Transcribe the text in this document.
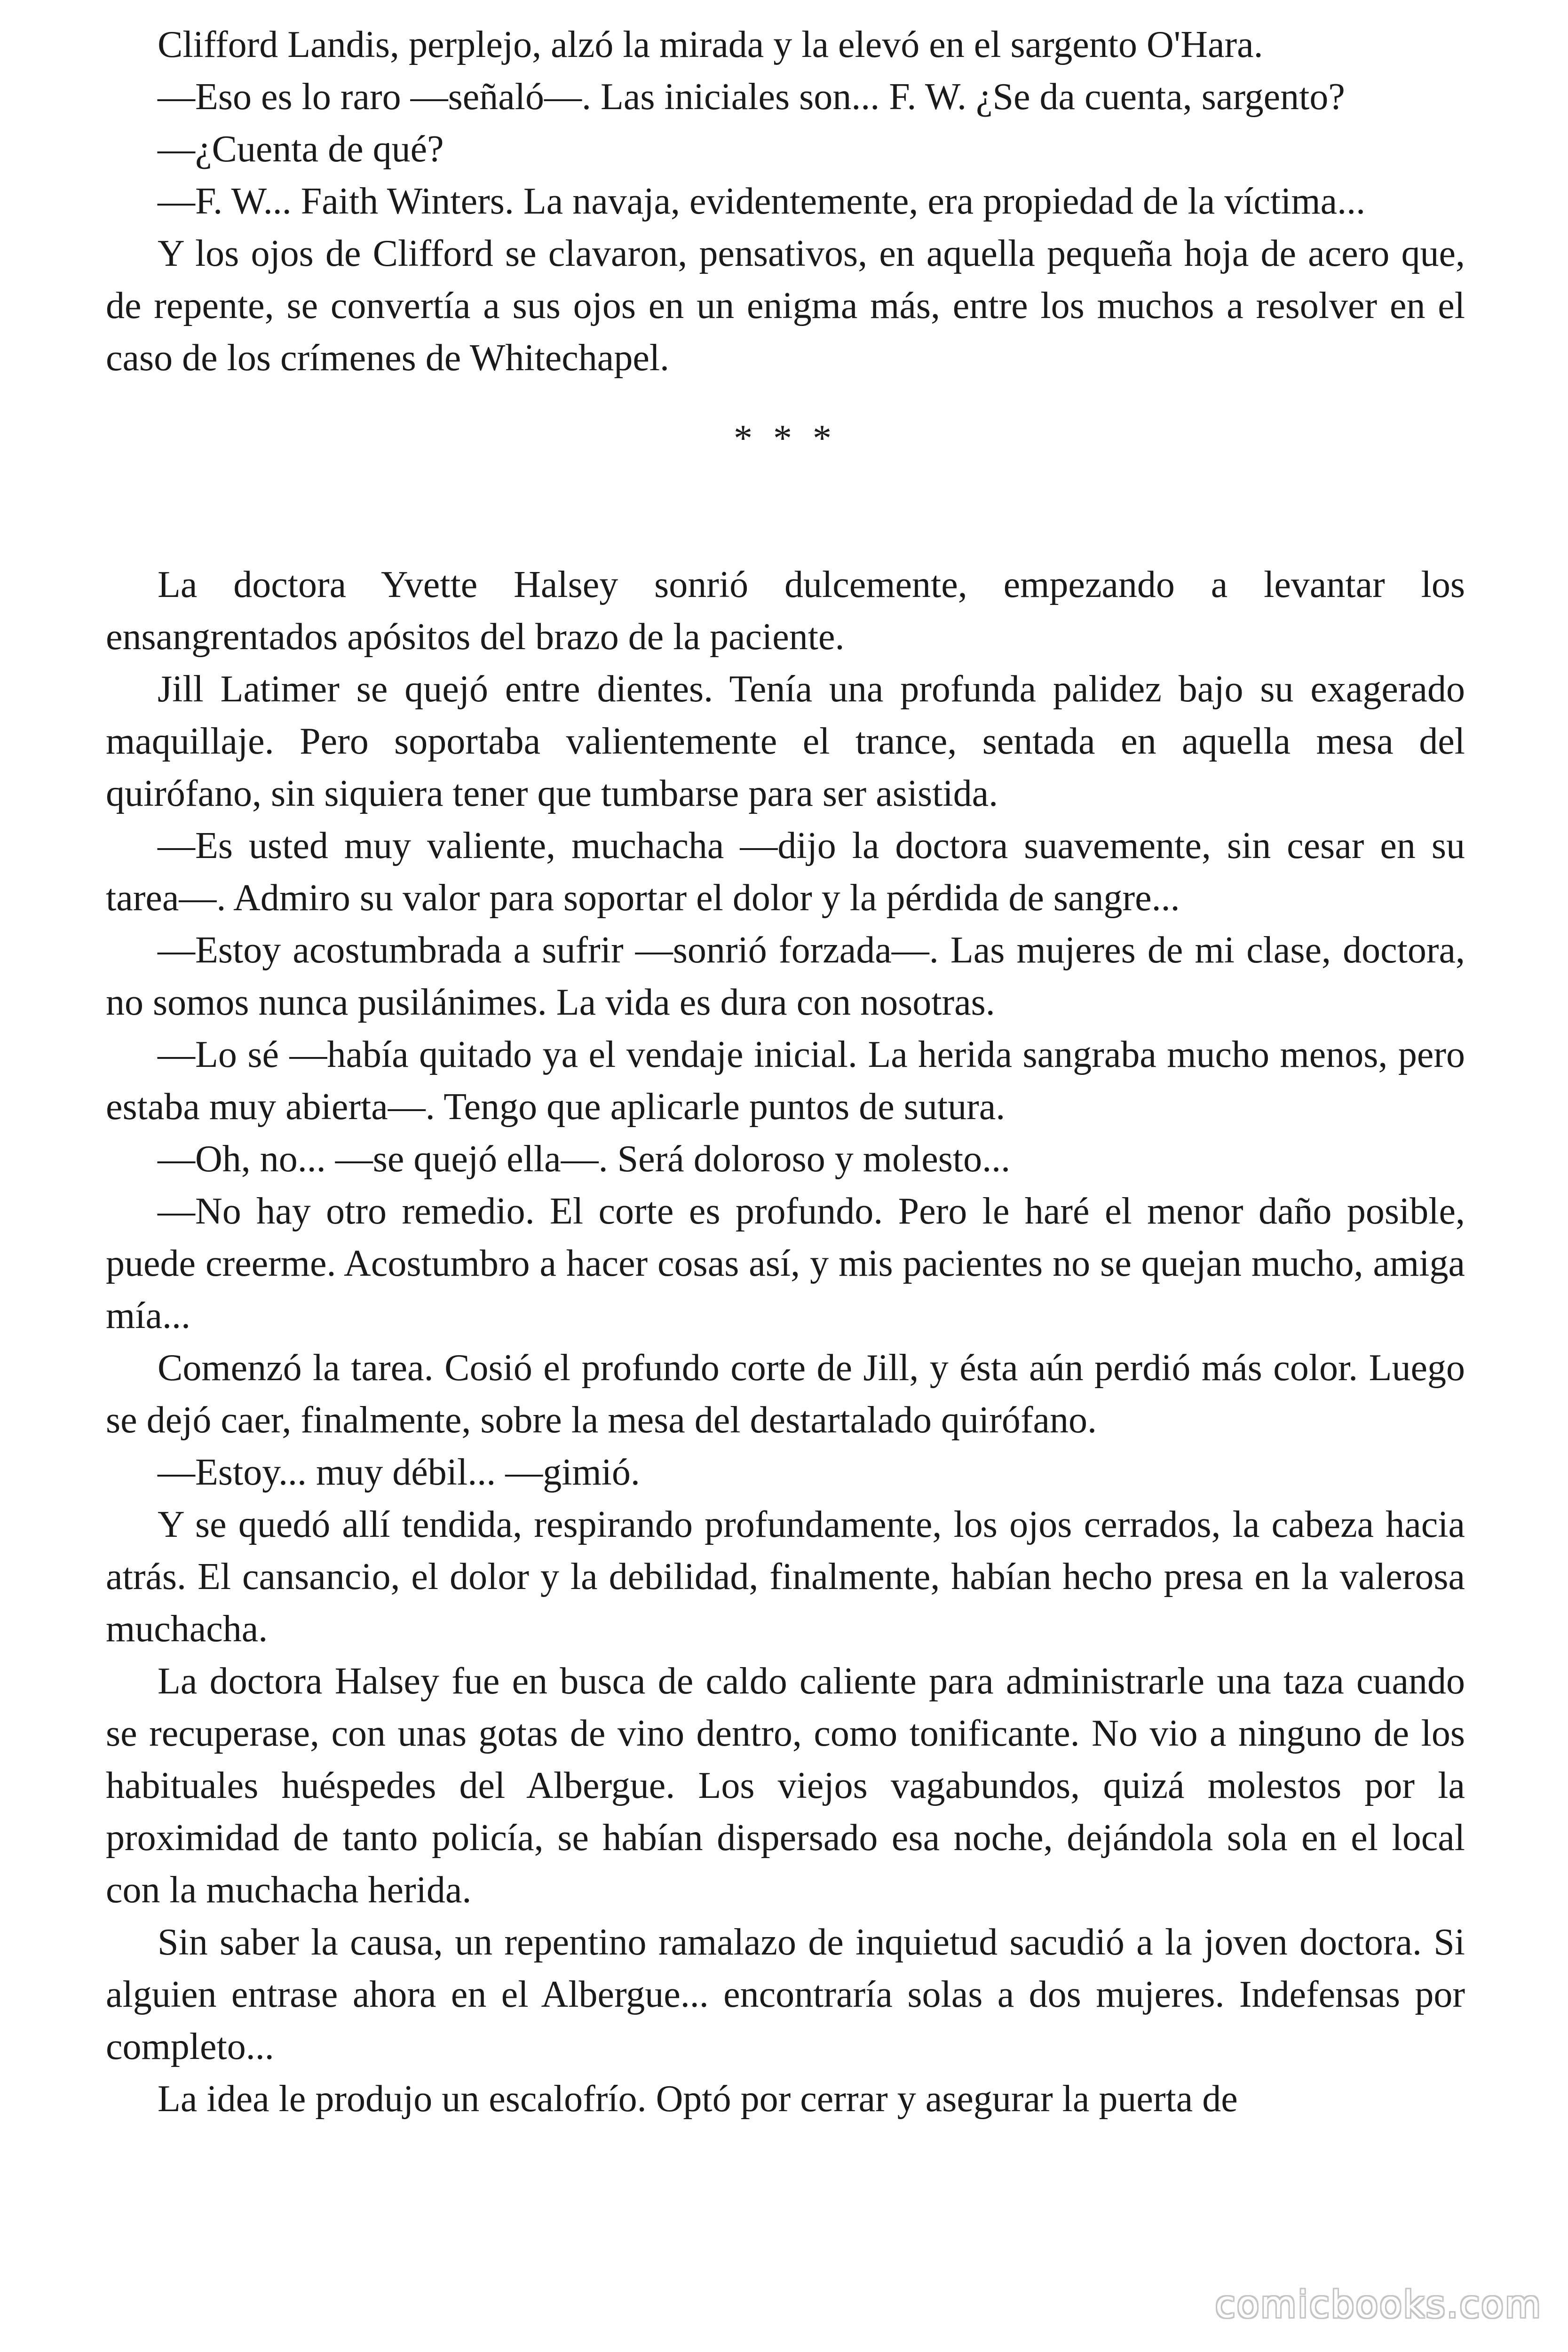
Clifford Landis, perplejo, alzó la mirada y la elevó en el sargento O'Hara.

—Eso es lo raro —señaló—. Las iniciales son... F. W. ¿Se da cuenta, sargento?

—¿Cuenta de qué?

—F. W... Faith Winters. La navaja, evidentemente, era propiedad de la víctima...

Y los ojos de Clifford se clavaron, pensativos, en aquella pequeña hoja de acero que, de repente, se convertía a sus ojos en un enigma más, entre los muchos a resolver en el caso de los crímenes de Whitechapel.

* * *

La doctora Yvette Halsey sonrió dulcemente, empezando a levantar los ensangrentados apósitos del brazo de la paciente.

Jill Latimer se quejó entre dientes. Tenía una profunda palidez bajo su exagerado maquillaje. Pero soportaba valientemente el trance, sentada en aquella mesa del quirófano, sin siquiera tener que tumbarse para ser asistida.

—Es usted muy valiente, muchacha —dijo la doctora suavemente, sin cesar en su tarea—. Admiro su valor para soportar el dolor y la pérdida de sangre...

—Estoy acostumbrada a sufrir —sonrió forzada—. Las mujeres de mi clase, doctora, no somos nunca pusilánimes. La vida es dura con nosotras.

—Lo sé —había quitado ya el vendaje inicial. La herida sangraba mucho menos, pero estaba muy abierta—. Tengo que aplicarle puntos de sutura.

—Oh, no... —se quejó ella—. Será doloroso y molesto...

—No hay otro remedio. El corte es profundo. Pero le haré el menor daño posible, puede creerme. Acostumbro a hacer cosas así, y mis pacientes no se quejan mucho, amiga mía...

Comenzó la tarea. Cosió el profundo corte de Jill, y ésta aún perdió más color. Luego se dejó caer, finalmente, sobre la mesa del destartalado quirófano.

—Estoy... muy débil... —gimió.

Y se quedó allí tendida, respirando profundamente, los ojos cerrados, la cabeza hacia atrás. El cansancio, el dolor y la debilidad, finalmente, habían hecho presa en la valerosa muchacha.

La doctora Halsey fue en busca de caldo caliente para administrarle una taza cuando se recuperase, con unas gotas de vino dentro, como tonificante. No vio a ninguno de los habituales huéspedes del Albergue. Los viejos vagabundos, quizá molestos por la proximidad de tanto policía, se habían dispersado esa noche, dejándola sola en el local con la muchacha herida.

Sin saber la causa, un repentino ramalazo de inquietud sacudió a la joven doctora. Si alguien entrase ahora en el Albergue... encontraría solas a dos mujeres. Indefensas por completo...

La idea le produjo un escalofrío. Optó por cerrar y asegurar la puerta de

comicbooks.com
